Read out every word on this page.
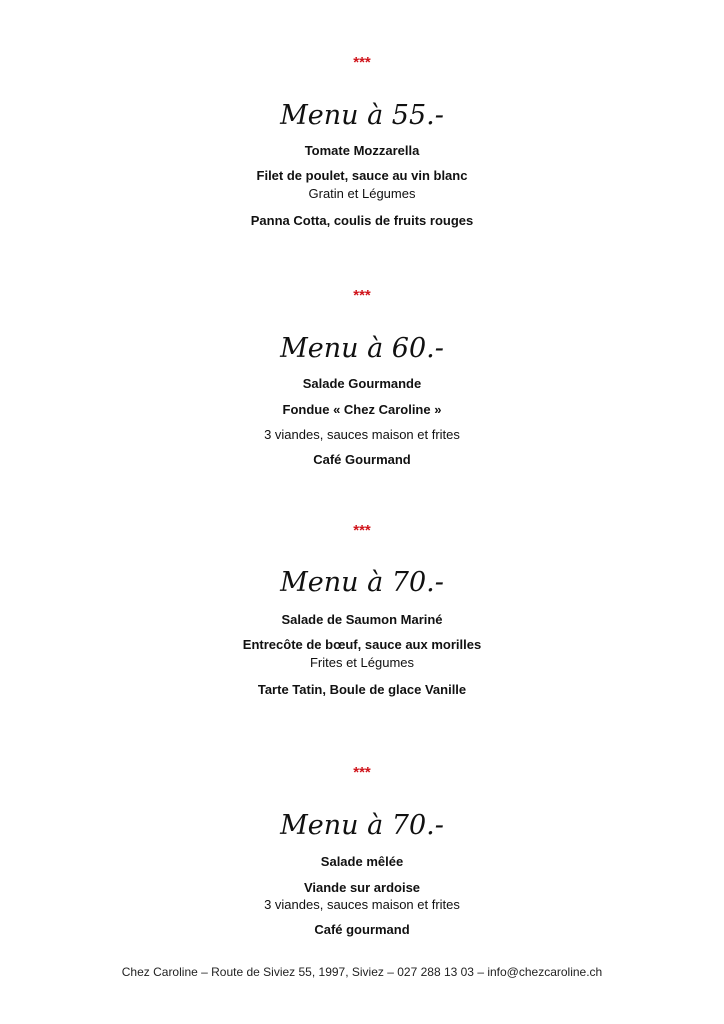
***
Menu à 55.-
Tomate Mozzarella
Filet de poulet, sauce au vin blanc
Gratin et Légumes
Panna Cotta, coulis de fruits rouges
***
Menu à 60.-
Salade Gourmande
Fondue « Chez Caroline »
3 viandes, sauces maison et frites
Café Gourmand
***
Menu à 70.-
Salade de Saumon Mariné
Entrecôte de bœuf, sauce aux morilles
Frites et Légumes
Tarte Tatin, Boule de glace Vanille
***
Menu à 70.-
Salade mêlée
Viande sur ardoise
3 viandes, sauces maison et frites
Café gourmand
Chez Caroline – Route de Siviez 55, 1997, Siviez – 027 288 13 03 – info@chezcaroline.ch
